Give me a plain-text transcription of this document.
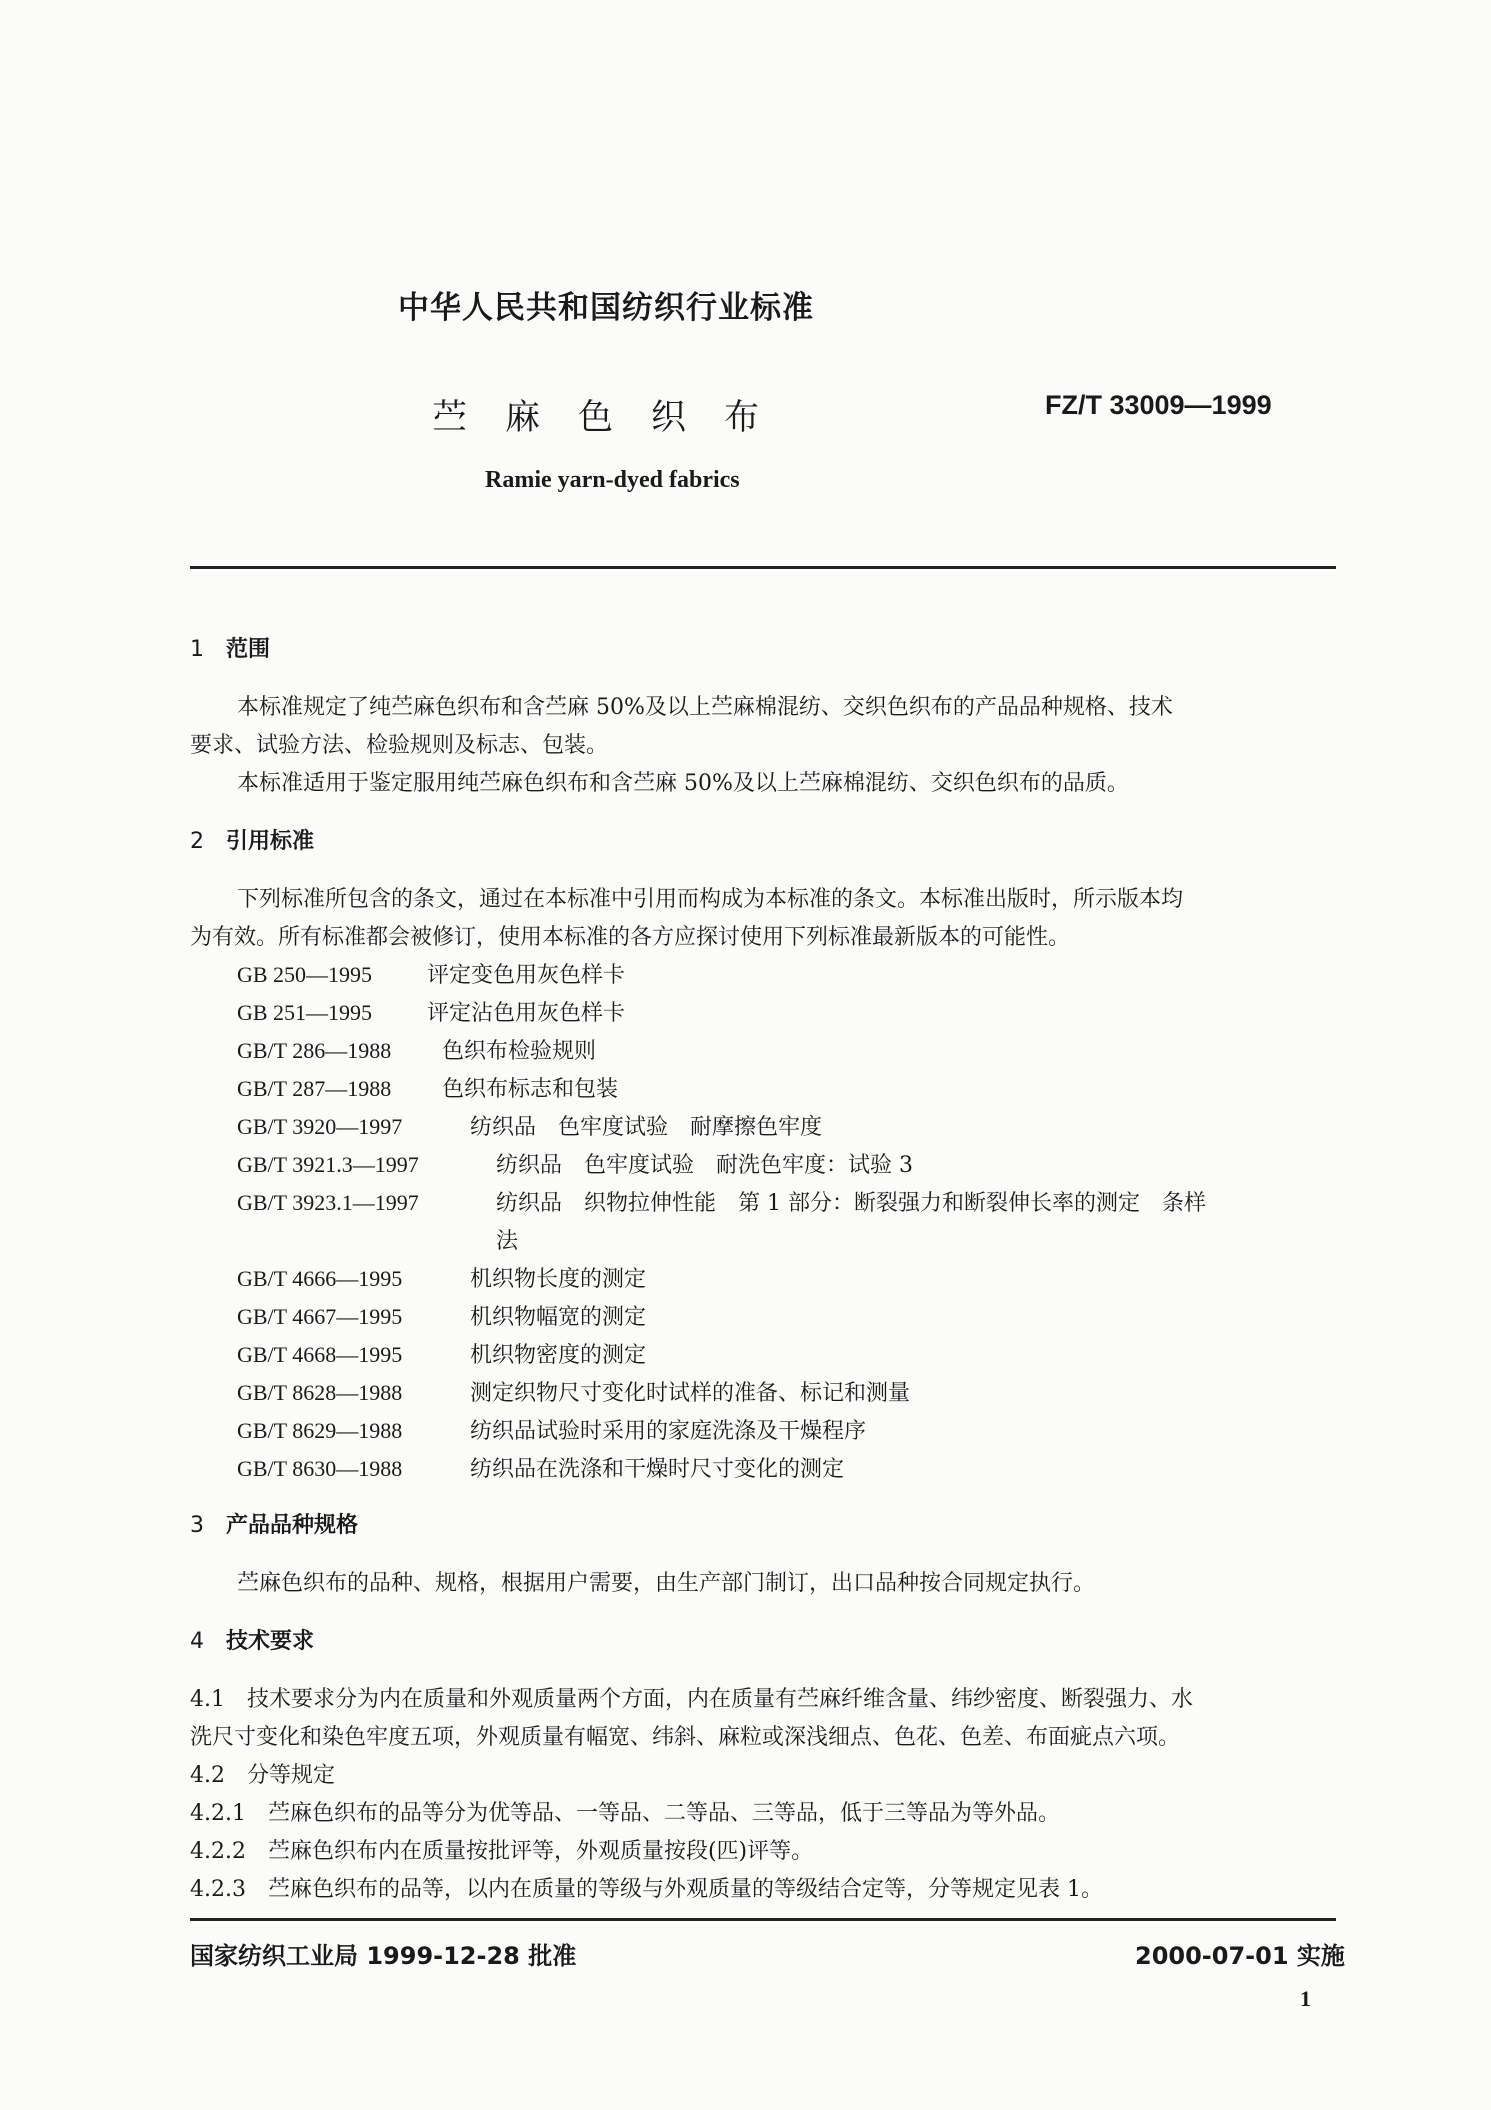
中华人民共和国纺织行业标准
苎麻色织布	FZ/T 33009—1999
Ramie yarn-dyed fabrics
1 范围
本标准规定了纯苎麻色织布和含苎麻 50%及以上苎麻棉混纺、交织色织布的产品品种规格、技术
要求、试验方法、检验规则及标志、包装。
本标准适用于鉴定服用纯苎麻色织布和含苎麻 50%及以上苎麻棉混纺、交织色织布的品质。
2 引用标准
下列标准所包含的条文，通过在本标准中引用而构成为本标准的条文。本标准出版时，所示版本均
为有效。所有标准都会被修订，使用本标准的各方应探讨使用下列标准最新版本的可能性。
GB 250—1995 评定变色用灰色样卡
GB 251—1995 评定沾色用灰色样卡
GB/T 286—1988 色织布检验规则
GB/T 287—1988 色织布标志和包装
GB/T 3920—1997	纺织品　色牢度试验　耐摩擦色牢度
GB/T 3921.3—1997	纺织品　色牢度试验　耐洗色牢度：试验 3
GB/T 3923.1—1997	纺织品　织物拉伸性能　第 1 部分：断裂强力和断裂伸长率的测定　条样
法
GB/T 4666—1995	机织物长度的测定
GB/T 4667—1995	机织物幅宽的测定
GB/T 4668—1995	机织物密度的测定
GB/T 8628—1988	测定织物尺寸变化时试样的准备、标记和测量
GB/T 8629—1988	纺织品试验时采用的家庭洗涤及干燥程序
GB/T 8630—1988	纺织品在洗涤和干燥时尺寸变化的测定
3 产品品种规格
苎麻色织布的品种、规格，根据用户需要，由生产部门制订，出口品种按合同规定执行。
4 技术要求
4.1　技术要求分为内在质量和外观质量两个方面，内在质量有苎麻纤维含量、纬纱密度、断裂强力、水
洗尺寸变化和染色牢度五项，外观质量有幅宽、纬斜、麻粒或深浅细点、色花、色差、布面疵点六项。
4.2　分等规定
4.2.1　苎麻色织布的品等分为优等品、一等品、二等品、三等品，低于三等品为等外品。
4.2.2　苎麻色织布内在质量按批评等，外观质量按段(匹)评等。
4.2.3　苎麻色织布的品等，以内在质量的等级与外观质量的等级结合定等，分等规定见表 1。
国家纺织工业局 1999-12-28 批准	2000-07-01 实施
1
